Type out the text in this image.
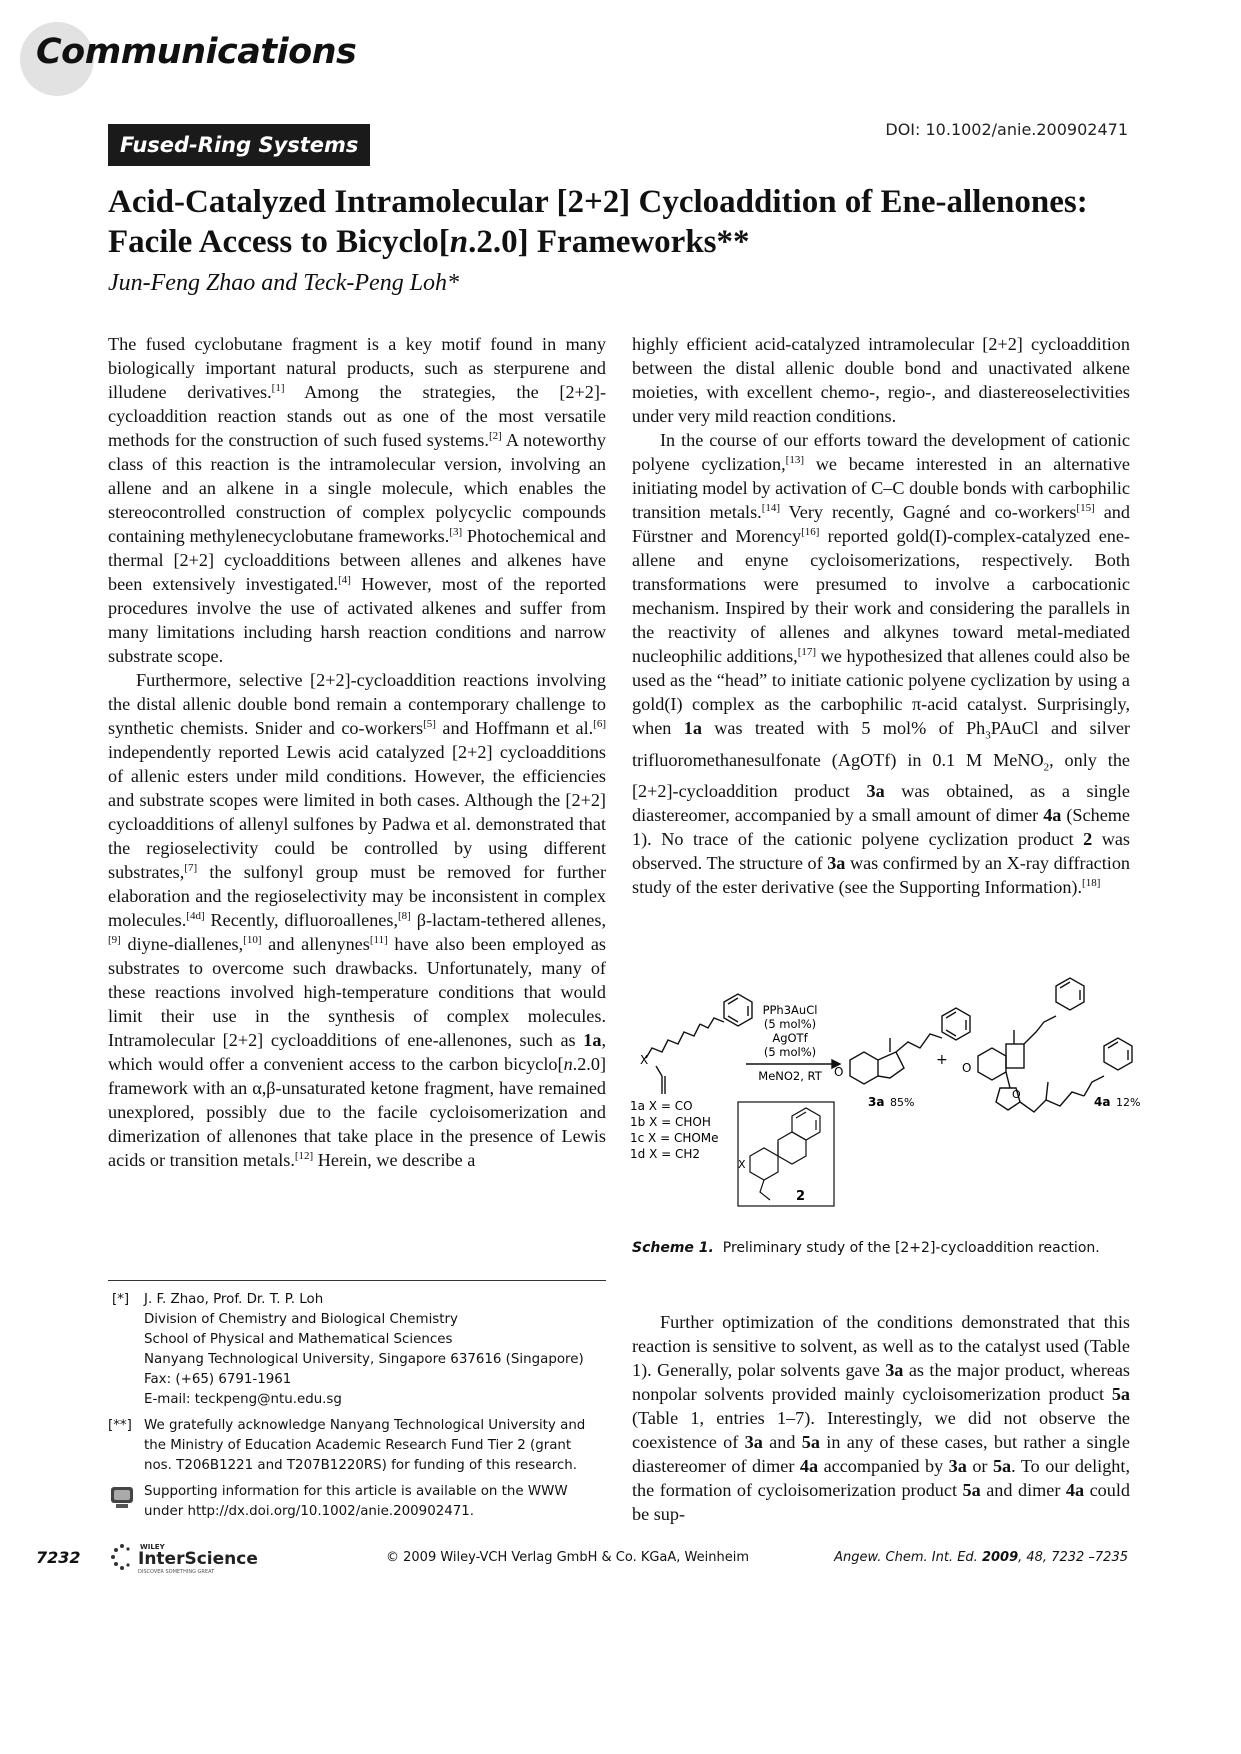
Communications
Fused-Ring Systems
DOI: 10.1002/anie.200902471
Acid-Catalyzed Intramolecular [2+2] Cycloaddition of Ene-allenones: Facile Access to Bicyclo[n.2.0] Frameworks**
Jun-Feng Zhao and Teck-Peng Loh*

The fused cyclobutane fragment is a key motif found in many biologically important natural products, such as sterpurene and illudene derivatives.[1] Among the strategies, the [2+2]-cycloaddition reaction stands out as one of the most versatile methods for the construction of such fused systems.[2] A noteworthy class of this reaction is the intramolecular version, involving an allene and an alkene in a single molecule, which enables the stereocontrolled construction of complex polycyclic compounds containing methylenecyclobutane frameworks.[3] Photochemical and thermal [2+2] cycloadditions between allenes and alkenes have been extensively investigated.[4] However, most of the reported procedures involve the use of activated alkenes and suffer from many limitations including harsh reaction conditions and narrow substrate scope.

Furthermore, selective [2+2]-cycloaddition reactions involving the distal allenic double bond remain a contemporary challenge to synthetic chemists. Snider and co-workers[5] and Hoffmann et al.[6] independently reported Lewis acid catalyzed [2+2] cycloadditions of allenic esters under mild conditions. However, the efficiencies and substrate scopes were limited in both cases. Although the [2+2] cycloadditions of allenyl sulfones by Padwa et al. demonstrated that the regioselectivity could be controlled by using different substrates,[7] the sulfonyl group must be removed for further elaboration and the regioselectivity may be inconsistent in complex molecules.[4d] Recently, difluoroallenes,[8] β-lactam-tethered allenes,[9] diyne-diallenes,[10] and allenynes[11] have also been employed as substrates to overcome such drawbacks. Unfortunately, many of these reactions involved high-temperature conditions that would limit their use in the synthesis of complex molecules. Intramolecular [2+2] cycloadditions of ene-allenones, such as 1a, which would offer a convenient access to the carbon bicyclo[n.2.0] framework with an α,β-unsaturated ketone fragment, have remained unexplored, possibly due to the facile cycloisomerization and dimerization of allenones that take place in the presence of Lewis acids or transition metals.[12] Herein, we describe a

highly efficient acid-catalyzed intramolecular [2+2] cycloaddition between the distal allenic double bond and unactivated alkene moieties, with excellent chemo-, regio-, and diastereoselectivities under very mild reaction conditions.

In the course of our efforts toward the development of cationic polyene cyclization,[13] we became interested in an alternative initiating model by activation of C–C double bonds with carbophilic transition metals.[14] Very recently, Gagné and co-workers[15] and Fürstner and Morency[16] reported gold(I)-complex-catalyzed ene-allene and enyne cycloisomerizations, respectively. Both transformations were presumed to involve a carbocationic mechanism. Inspired by their work and considering the parallels in the reactivity of allenes and alkynes toward metal-mediated nucleophilic additions,[17] we hypothesized that allenes could also be used as the “head” to initiate cationic polyene cyclization by using a gold(I) complex as the carbophilic π-acid catalyst. Surprisingly, when 1a was treated with 5 mol% of $Ph_3PAuCl$ and silver trifluoromethanesulfonate (AgOTf) in 0.1 M MeNO$_2$, only the [2+2]-cycloaddition product 3a was obtained, as a single diastereomer, accompanied by a small amount of dimer 4a (Scheme 1). No trace of the cationic polyene cyclization product 2 was observed. The structure of 3a was confirmed by an X-ray diffraction study of the ester derivative (see the Supporting Information).[18]

X
1a X = CO
1b X = CHOH
1c X = CHOMe
1d X = CH2
PPh3AuCl
(5 mol%)
AgOTf
(5 mol%)
MeNO2, RT O
3a 85%
+ O
O
4a 12%
X
2
Scheme 1. Preliminary study of the [2+2]-cycloaddition reaction.
[*] J. F. Zhao, Prof. Dr. T. P. Loh
Division of Chemistry and Biological Chemistry
School of Physical and Mathematical Sciences
Nanyang Technological University, Singapore 637616 (Singapore)
Fax: (+65) 6791-1961
E-mail: teckpeng@ntu.edu.sg
[**] We gratefully acknowledge Nanyang Technological University and
the Ministry of Education Academic Research Fund Tier 2 (grant
nos. T206B1221 and T207B1220RS) for funding of this research.
Supporting information for this article is available on the WWW
under http://dx.doi.org/10.1002/anie.200902471.

Further optimization of the conditions demonstrated that this reaction is sensitive to solvent, as well as to the catalyst used (Table 1). Generally, polar solvents gave 3a as the major product, whereas nonpolar solvents provided mainly cycloisomerization product 5a (Table 1, entries 1–7). Interestingly, we did not observe the coexistence of 3a and 5a in any of these cases, but rather a single diastereomer of dimer 4a accompanied by 3a or 5a. To our delight, the formation of cycloisomerization product 5a and dimer 4a could be sup-

7232
WILEY
InterScience
DISCOVER SOMETHING GREAT
© 2009 Wiley-VCH Verlag GmbH & Co. KGaA, Weinheim	Angew. Chem. Int. Ed. 2009, 48, 7232 –7235
